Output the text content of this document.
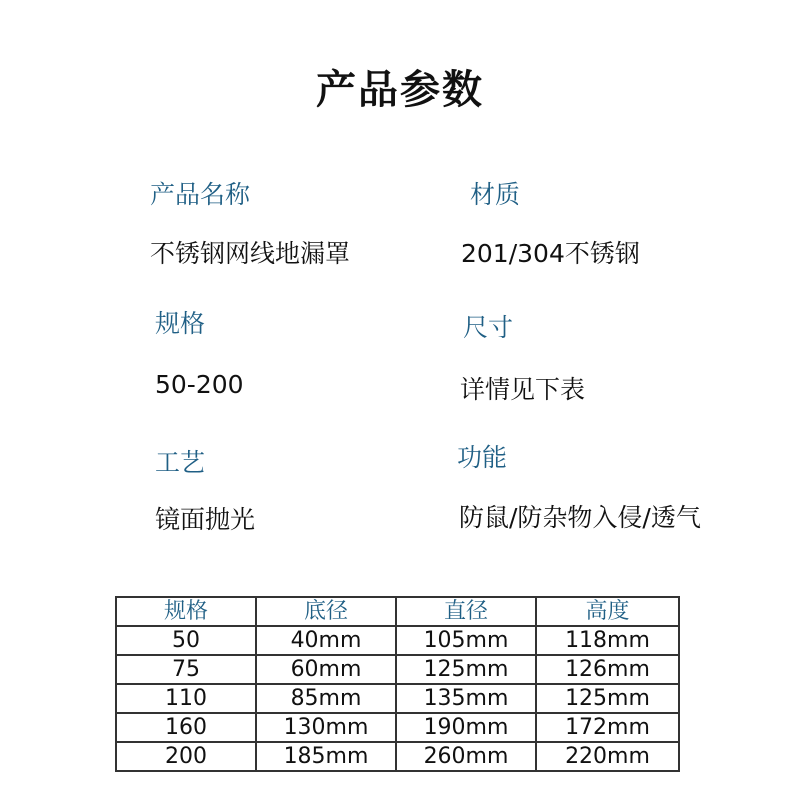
产品参数
产品名称	材质
不锈钢网线地漏罩	201/304不锈钢
规格	尺寸
50-200	详情见下表
工艺	功能
镜面抛光	防鼠/防杂物入侵/透气
规格	底径	直径	高度
50	40mm	105mm	118mm
75	60mm	125mm	126mm
110	85mm	135mm	125mm
160	130mm	190mm	172mm
200	185mm	260mm	220mm
